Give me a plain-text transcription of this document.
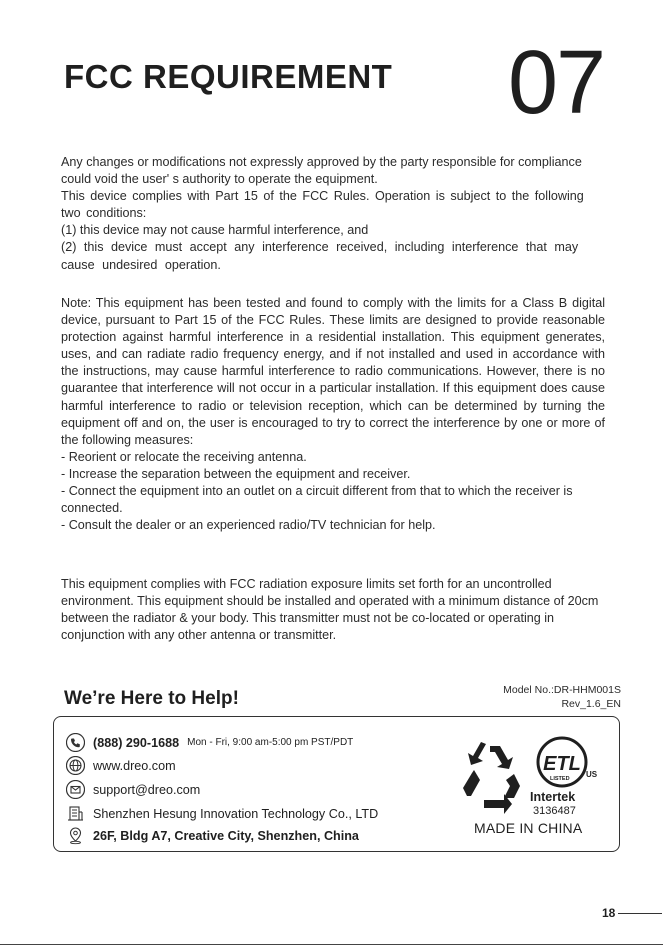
FCC REQUIREMENT 07

Any changes or modifications not expressly approved by the party responsible for compliance could void the user' s authority to operate the equipment.

This device complies with Part 15 of the FCC Rules. Operation is subject to the following two conditions:

(1) this device may not cause harmful interference, and

(2) this device must accept any interference received, including interference that may cause undesired operation.

Note: This equipment has been tested and found to comply with the limits for a Class B digital device, pursuant to Part 15 of the FCC Rules. These limits are designed to provide reasonable protection against harmful interference in a residential installation. This equipment generates, uses, and can radiate radio frequency energy, and if not installed and used in accordance with the instructions, may cause harmful interference to radio communications. However, there is no guarantee that interference will not occur in a particular installation. If this equipment does cause harmful interference to radio or television reception, which can be determined by turning the equipment off and on, the user is encouraged to try to correct the interference by one or more of the following measures:

- Reorient or relocate the receiving antenna.

- Increase the separation between the equipment and receiver.

- Connect the equipment into an outlet on a circuit different from that to which the receiver is connected.

- Consult the dealer or an experienced radio/TV technician for help.

This equipment complies with FCC radiation exposure limits set forth for an uncontrolled environment. This equipment should be installed and operated with a minimum distance of 20cm between the radiator & your body. This transmitter must not be co-located or operating in conjunction with any other antenna or transmitter.

We’re Here to Help!	Model No.:DR-HHM001S
Rev_1.6_EN
(888) 290-1688 Mon - Fri, 9:00 am-5:00 pm PST/PDT
www.dreo.com
support@dreo.com
Shenzhen Hesung Innovation Technology Co., LTD
26F, Bldg A7, Creative City, Shenzhen, China
ETL
LISTED US
Intertek
3136487
MADE IN CHINA
18
